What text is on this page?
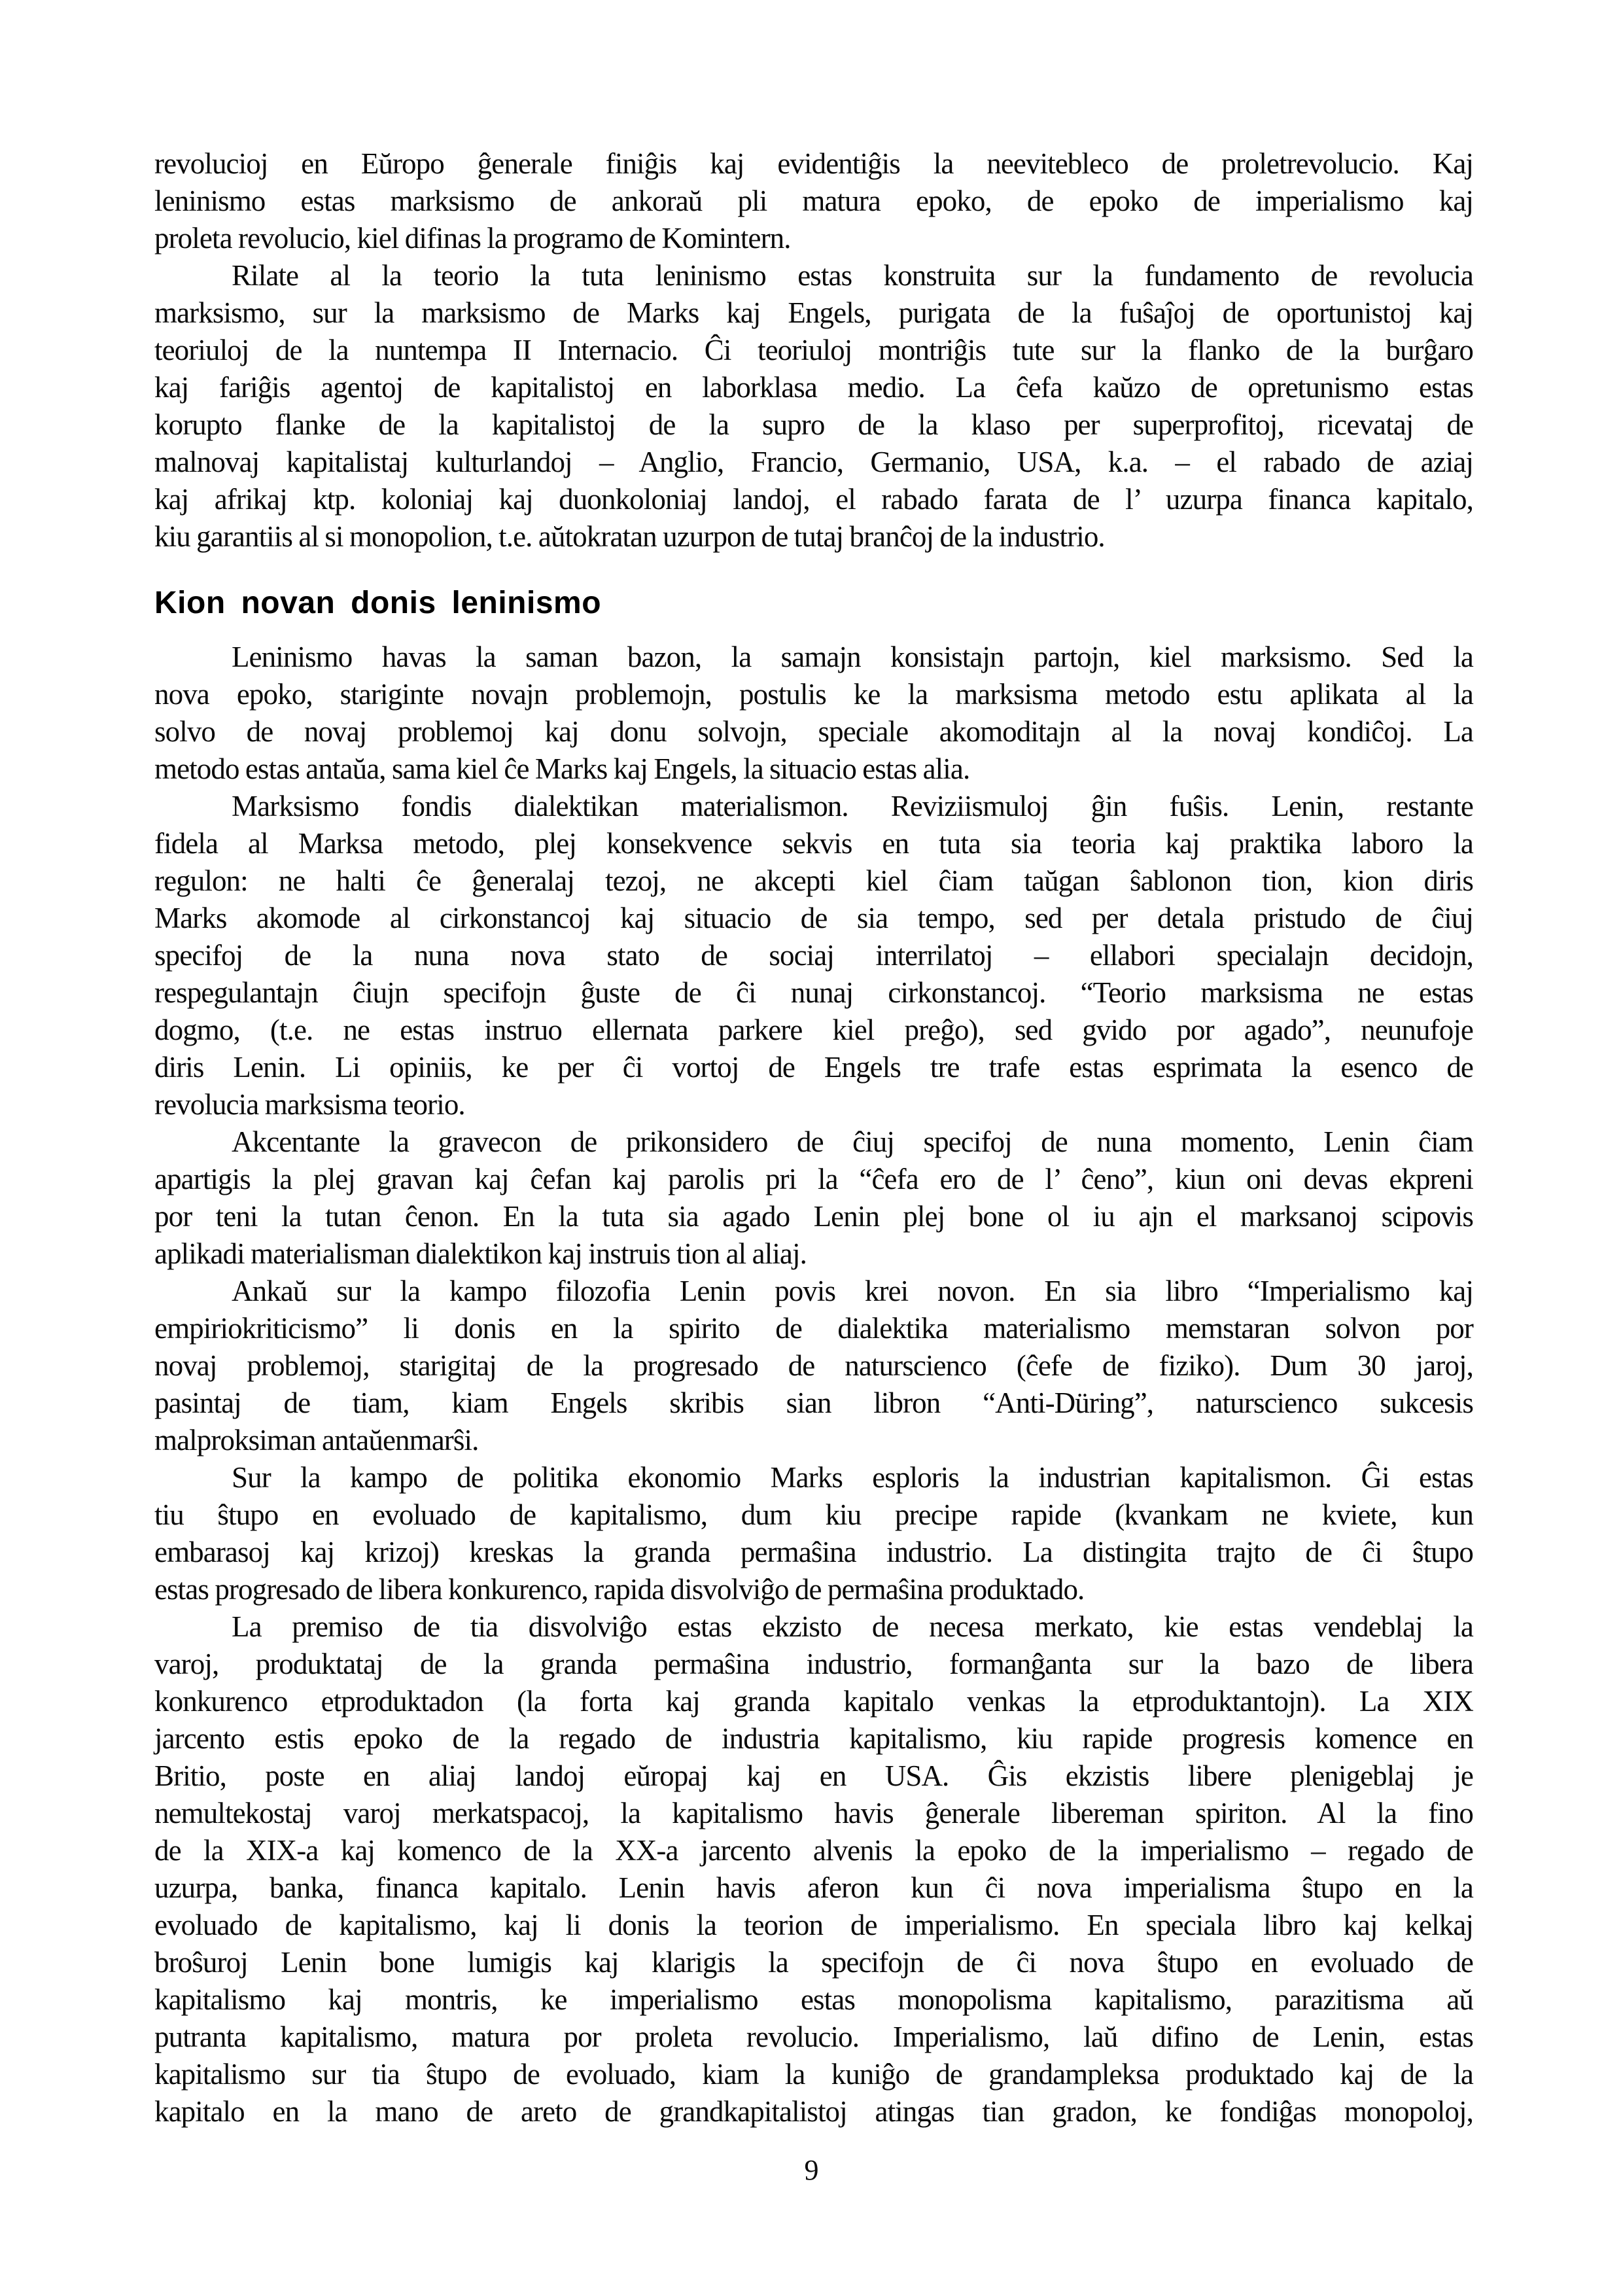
revolucioj en Eŭropo ĝenerale finiĝis kaj evidentiĝis la neevitebleco de proletrevolucio. Kaj
leninismo estas marksismo de ankoraŭ pli matura epoko, de epoko de imperialismo kaj
proleta revolucio, kiel difinas la programo de Komintern.
Rilate al la teorio la tuta leninismo estas konstruita sur la fundamento de revolucia
marksismo, sur la marksismo de Marks kaj Engels, purigata de la fuŝaĵoj de oportunistoj kaj
teoriuloj de la nuntempa II Internacio. Ĉi teoriuloj montriĝis tute sur la flanko de la burĝaro
kaj fariĝis agentoj de kapitalistoj en laborklasa medio. La ĉefa kaŭzo de opretunismo estas
korupto flanke de la kapitalistoj de la supro de la klaso per superprofitoj, ricevataj de
malnovaj kapitalistaj kulturlandoj – Anglio, Francio, Germanio, USA, k.a. – el rabado de aziaj
kaj afrikaj ktp. koloniaj kaj duonkoloniaj landoj, el rabado farata de l’ uzurpa financa kapitalo,
kiu garantiis al si monopolion, t.e. aŭtokratan uzurpon de tutaj branĉoj de la industrio.
Kion novan donis leninismo
Leninismo havas la saman bazon, la samajn konsistajn partojn, kiel marksismo. Sed la
nova epoko, stariginte novajn problemojn, postulis ke la marksisma metodo estu aplikata al la
solvo de novaj problemoj kaj donu solvojn, speciale akomoditajn al la novaj kondiĉoj. La
metodo estas antaŭa, sama kiel ĉe Marks kaj Engels, la situacio estas alia.
Marksismo fondis dialektikan materialismon. Reviziismuloj ĝin fuŝis. Lenin, restante
fidela al Marksa metodo, plej konsekvence sekvis en tuta sia teoria kaj praktika laboro la
regulon: ne halti ĉe ĝeneralaj tezoj, ne akcepti kiel ĉiam taŭgan ŝablonon tion, kion diris
Marks akomode al cirkonstancoj kaj situacio de sia tempo, sed per detala pristudo de ĉiuj
specifoj de la nuna nova stato de sociaj interrilatoj – ellabori specialajn decidojn,
respegulantajn ĉiujn specifojn ĝuste de ĉi nunaj cirkonstancoj. “Teorio marksisma ne estas
dogmo, (t.e. ne estas instruo ellernata parkere kiel preĝo), sed gvido por agado”, neunufoje
diris Lenin. Li opiniis, ke per ĉi vortoj de Engels tre trafe estas esprimata la esenco de
revolucia marksisma teorio.
Akcentante la gravecon de prikonsidero de ĉiuj specifoj de nuna momento, Lenin ĉiam
apartigis la plej gravan kaj ĉefan kaj parolis pri la “ĉefa ero de l’ ĉeno”, kiun oni devas ekpreni
por teni la tutan ĉenon. En la tuta sia agado Lenin plej bone ol iu ajn el marksanoj scipovis
aplikadi materialisman dialektikon kaj instruis tion al aliaj.
Ankaŭ sur la kampo filozofia Lenin povis krei novon. En sia libro “Imperialismo kaj
empiriokriticismo” li donis en la spirito de dialektika materialismo memstaran solvon por
novaj problemoj, starigitaj de la progresado de naturscienco (ĉefe de fiziko). Dum 30 jaroj,
pasintaj de tiam, kiam Engels skribis sian libron “Anti-Düring”, naturscienco sukcesis
malproksiman antaŭenmarŝi.
Sur la kampo de politika ekonomio Marks esploris la industrian kapitalismon. Ĝi estas
tiu ŝtupo en evoluado de kapitalismo, dum kiu precipe rapide (kvankam ne kviete, kun
embarasoj kaj krizoj) kreskas la granda permaŝina industrio. La distingita trajto de ĉi ŝtupo
estas progresado de libera konkurenco, rapida disvolviĝo de permaŝina produktado.
La premiso de tia disvolviĝo estas ekzisto de necesa merkato, kie estas vendeblaj la
varoj, produktataj de la granda permaŝina industrio, formanĝanta sur la bazo de libera
konkurenco etproduktadon (la forta kaj granda kapitalo venkas la etproduktantojn). La XIX
jarcento estis epoko de la regado de industria kapitalismo, kiu rapide progresis komence en
Britio, poste en aliaj landoj eŭropaj kaj en USA. Ĝis ekzistis libere plenigeblaj je
nemultekostaj varoj merkatspacoj, la kapitalismo havis ĝenerale libereman spiriton. Al la fino
de la XIX-a kaj komenco de la XX-a jarcento alvenis la epoko de la imperialismo – regado de
uzurpa, banka, financa kapitalo. Lenin havis aferon kun ĉi nova imperialisma ŝtupo en la
evoluado de kapitalismo, kaj li donis la teorion de imperialismo. En speciala libro kaj kelkaj
broŝuroj Lenin bone lumigis kaj klarigis la specifojn de ĉi nova ŝtupo en evoluado de
kapitalismo kaj montris, ke imperialismo estas monopolisma kapitalismo, parazitisma aŭ
putranta kapitalismo, matura por proleta revolucio. Imperialismo, laŭ difino de Lenin, estas
kapitalismo sur tia ŝtupo de evoluado, kiam la kuniĝo de grandampleksa produktado kaj de la
kapitalo en la mano de areto de grandkapitalistoj atingas tian gradon, ke fondiĝas monopoloj,
9
